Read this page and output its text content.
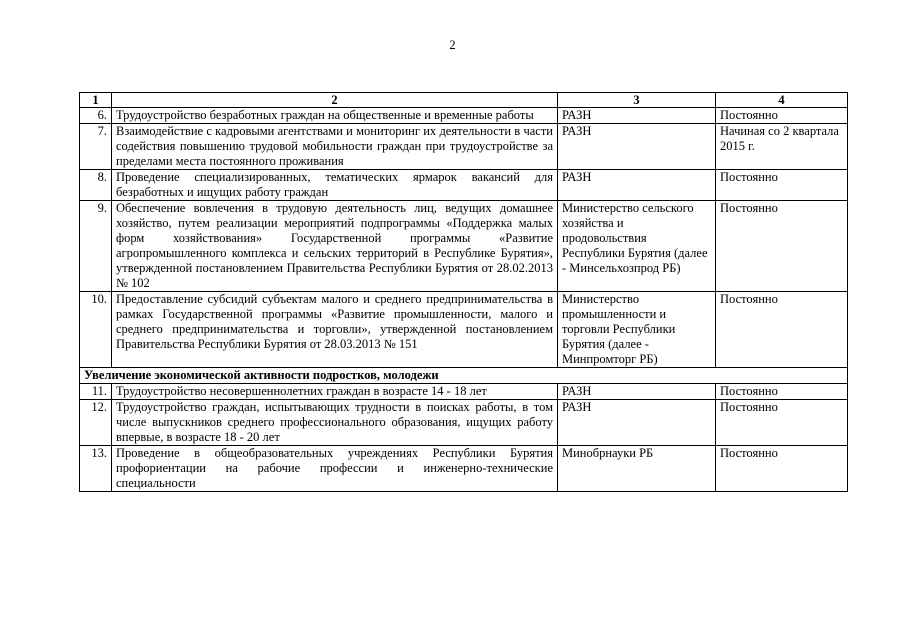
2
1	2	3	4
6.	Трудоустройство безработных граждан на общественные и временные работы	РАЗН	Постоянно
7.	Взаимодействие с кадровыми агентствами и мониторинг их деятельности в части содействия повышению трудовой мобильности граждан при трудоустройстве за пределами места постоянного проживания	РАЗН	Начиная со 2 квартала 2015 г.
8.	Проведение специализированных, тематических ярмарок вакансий для безработных и ищущих работу граждан	РАЗН	Постоянно
9.	Обеспечение вовлечения в трудовую деятельность лиц, ведущих домашнее хозяйство, путем реализации мероприятий подпрограммы «Поддержка малых форм хозяйствования» Государственной программы «Развитие агропромышленного комплекса и сельских территорий в Республике Бурятия», утвержденной постановлением Правительства Республики Бурятия от 28.02.2013 № 102	Министерство сельского хозяйства и продовольствия Республики Бурятия (далее - Минсельхозпрод РБ)	Постоянно
10.	Предоставление субсидий субъектам малого и среднего предпринимательства в рамках Государственной программы «Развитие промышленности, малого и среднего предпринимательства и торговли», утвержденной постановлением Правительства Республики Бурятия от 28.03.2013 № 151	Министерство промышленности и торговли Республики Бурятия (далее - Минпромторг РБ)	Постоянно
Увеличение экономической активности подростков, молодежи			
11.	Трудоустройство несовершеннолетних граждан в возрасте 14 - 18 лет	РАЗН	Постоянно
12.	Трудоустройство граждан, испытывающих трудности в поисках работы, в том числе выпускников среднего профессионального образования, ищущих работу впервые, в возрасте 18 - 20 лет	РАЗН	Постоянно
13.	Проведение в общеобразовательных учреждениях Республики Бурятия профориентации на рабочие профессии и инженерно-технические специальности	Минобрнауки РБ	Постоянно
